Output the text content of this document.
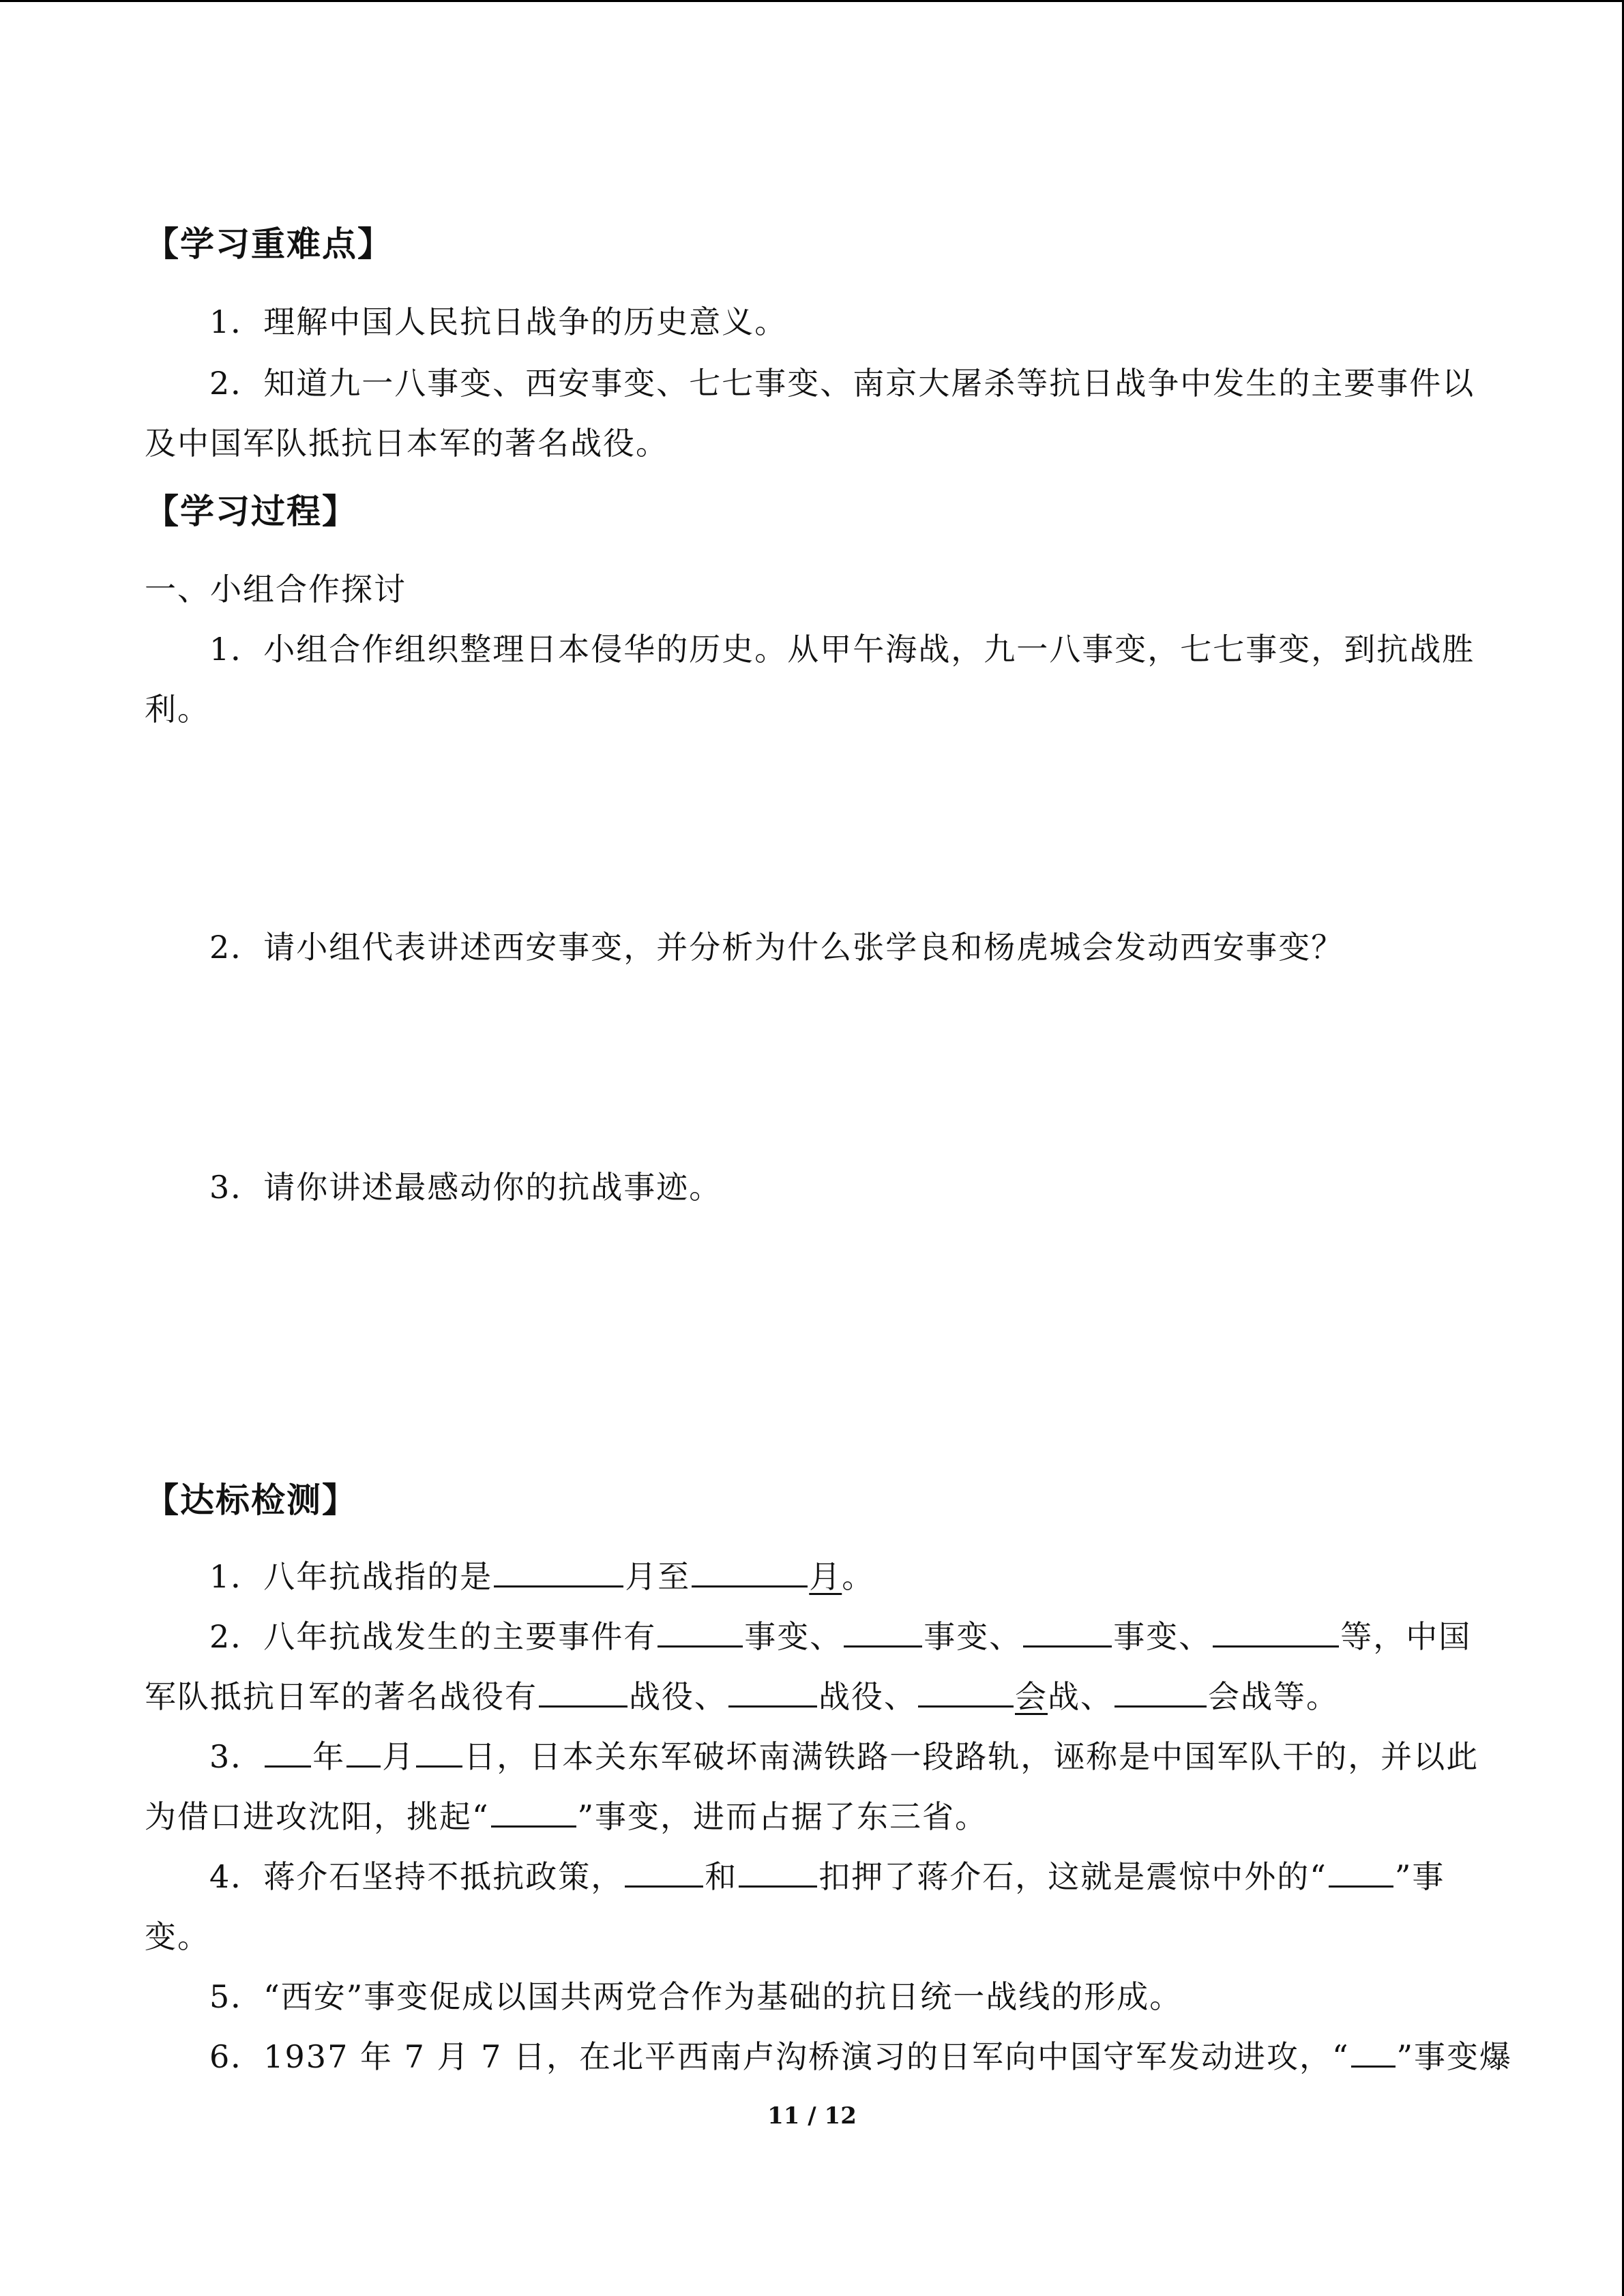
【学习重难点】
1．理解中国人民抗日战争的历史意义。
2．知道九一八事变、西安事变、七七事变、南京大屠杀等抗日战争中发生的主要事件以
及中国军队抵抗日本军的著名战役。
【学习过程】
一、小组合作探讨
1．小组合作组织整理日本侵华的历史。从甲午海战，九一八事变，七七事变，到抗战胜
利。
2．请小组代表讲述西安事变，并分析为什么张学良和杨虎城会发动西安事变？
3．请你讲述最感动你的抗战事迹。
【达标检测】
1．八年抗战指的是	月至	月。
2．八年抗战发生的主要事件有	事变、	事变、	事变、	等，中国
军队抵抗日军的著名战役有	战役、	战役、	会战、	会战等。
3． 年 月 日，日本关东军破坏南满铁路一段路轨，诬称是中国军队干的，并以此
为借口进攻沈阳，挑起“	”事变，进而占据了东三省。
4．蒋介石坚持不抵抗政策，	和	扣押了蒋介石，这就是震惊中外的“ ”事
变。
5．“西安”事变促成以国共两党合作为基础的抗日统一战线的形成。
6．1937 年 7 月 7 日，在北平西南卢沟桥演习的日军向中国守军发动进攻，“ ”事变爆
11 / 12
